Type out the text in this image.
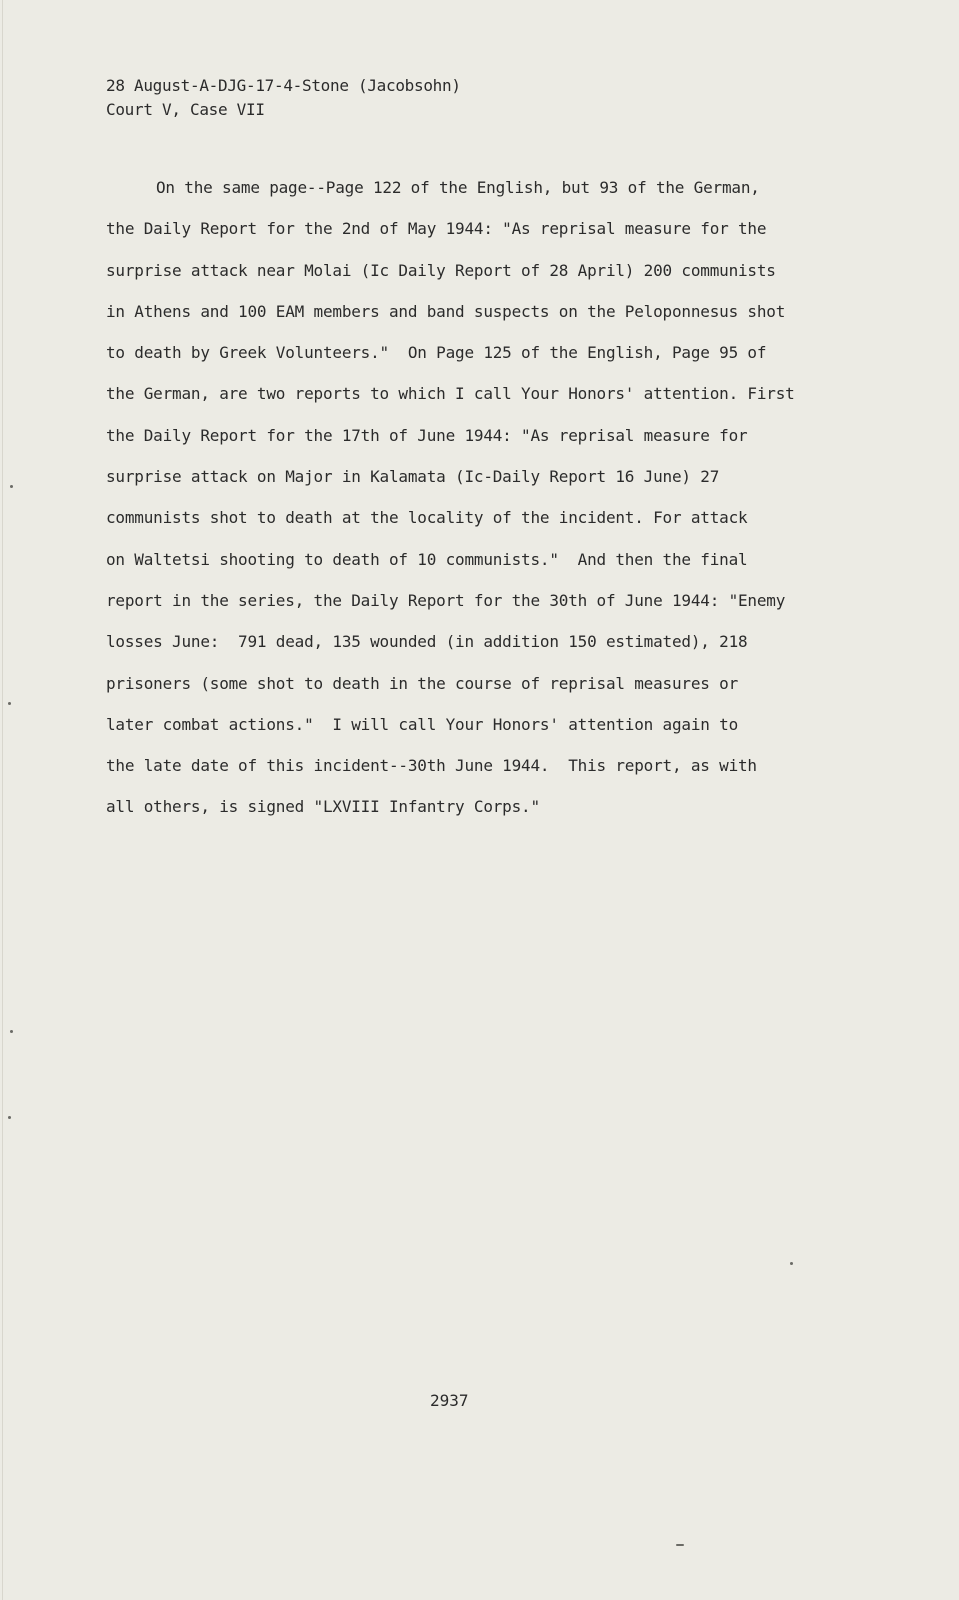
28 August-A-DJG-17-4-Stone (Jacobsohn)
Court V, Case VII
On the same page--Page 122 of the English, but 93 of the German,
the Daily Report for the 2nd of May 1944: "As reprisal measure for the
surprise attack near Molai (Ic Daily Report of 28 April) 200 communists
in Athens and 100 EAM members and band suspects on the Peloponnesus shot
to death by Greek Volunteers."  On Page 125 of the English, Page 95 of
the German, are two reports to which I call Your Honors' attention. First
the Daily Report for the 17th of June 1944: "As reprisal measure for
surprise attack on Major in Kalamata (Ic-Daily Report 16 June) 27
communists shot to death at the locality of the incident. For attack
on Waltetsi shooting to death of 10 communists."  And then the final
report in the series, the Daily Report for the 30th of June 1944: "Enemy
losses June:  791 dead, 135 wounded (in addition 150 estimated), 218
prisoners (some shot to death in the course of reprisal measures or
later combat actions."  I will call Your Honors' attention again to
the late date of this incident--30th June 1944.  This report, as with
all others, is signed "LXVIII Infantry Corps."
2937
